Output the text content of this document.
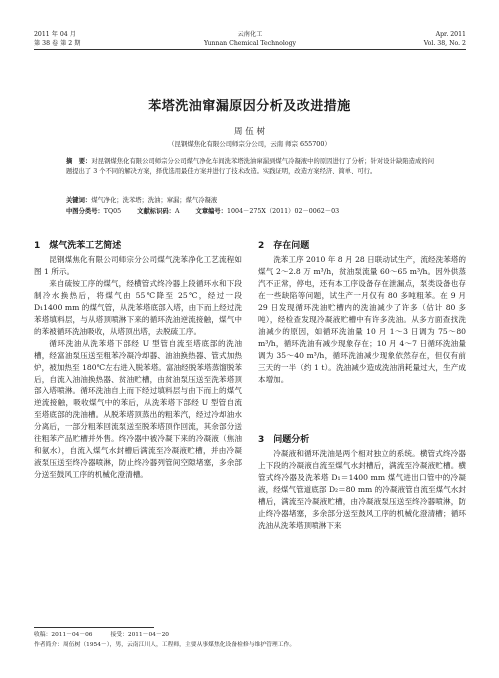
2011 年 04 月
第 38 卷 第 2 期
云南化工
Yunnan Chemical Technology
Apr. 2011
Vol. 38, No. 2
苯塔洗油窜漏原因分析及改进措施
周 伍 树
（昆钢煤焦化有限公司师宗分公司，云南 师宗 655700）
摘　要：对昆钢煤焦化有限公司师宗分公司煤气净化车间洗苯塔洗油窜漏到煤气冷凝液中的原因进行了分析；针对设计缺陷造成的问题提出了 3 个不同的解决方案，择优选用最佳方案并进行了技术改造。实践证明，改造方案经济、简单、可行。
关键词：煤气净化；洗苯塔；洗油；窜漏；煤气冷凝液
中图分类号：TQ05	文献标识码：A	文章编号：1004－275X（2011）02－0062－03
1　煤气洗苯工艺简述

昆钢煤焦化有限公司师宗分公司煤气洗苯净化工艺流程如图 1 所示。

来自硫铵工序的煤气，经横管式终冷器上段循环水和下段制冷水换热后，将煤气由 55℃降至 25℃，经过一段 D₁1400 mm 的煤气管，从洗苯塔底部入塔，由下而上经过洗苯塔填料层，与从塔顶喷淋下来的循环洗油逆流接触，煤气中的苯被循环洗油吸收，从塔顶出塔，去脱硫工序。

循环洗油从洗苯塔下部经 U 型管自流至塔底部的洗油槽，经富油泵压送至粗苯冷凝冷却器、油油换热器、管式加热炉，被加热至 180℃左右进入脱苯塔。富油经脱苯塔蒸馏脱苯后，自流入油油换热器、贫油贮槽，由贫油泵压送至洗苯塔顶部入塔喷淋。循环洗油自上而下经过填料层与由下而上的煤气逆流接触，吸收煤气中的苯后，从洗苯塔下部经 U 型管自流至塔底部的洗油槽。从脱苯塔顶蒸出的粗苯汽，经过冷却油水分离后，一部分粗苯回流泵送至脱苯塔顶作回流，其余部分送往粗苯产品贮槽并外售。终冷器中被冷凝下来的冷凝液（焦油和氨水），自流入煤气水封槽后满流至冷凝液贮槽，并由冷凝液泵压送至终冷器喷淋，防止终冷器列管间空隙堵塞，多余部分送至鼓风工序的机械化澄清槽。

2　存在问题

洗苯工序 2010 年 8 月 28 日联动试生产，流经洗苯塔的煤气 2～2.8 万 m³/h，贫油泵流量 60～65 m³/h。因外供蒸汽不正常，停电，还有本工序设备存在泄漏点，泵类设备也存在一些缺陷等问题，试生产一月仅有 80 多吨粗苯。在 9 月 29 日发现循环洗油贮槽内的洗油减少了许多（估计 80 多吨），经检查发现冷凝液贮槽中有许多洗油。从多方面查找洗油减少的原因，如循环洗油量 10 月 1～3 日调为 75～80 m³/h，循环洗油有减少现象存在；10 月 4～7 日循环洗油量调为 35～40 m³/h，循环洗油减少现象依然存在，但仅有前三天的一半（约 1 t）。洗油减少造成洗油消耗量过大，生产成本增加。

3　问题分析

冷凝液和循环洗油是两个相对独立的系统。横管式终冷器上下段的冷凝液自流至煤气水封槽后，满流至冷凝液贮槽。横管式终冷器及洗苯塔 D₁＝1400 mm 煤气进出口管中的冷凝液，经煤气管道底部 D₂＝80 mm 的冷凝液管自流至煤气水封槽后，满流至冷凝液贮槽，由冷凝液泵压送至终冷器喷淋，防止终冷器堵塞，多余部分送至鼓风工序的机械化澄清槽；循环洗油从洗苯塔顶喷淋下来

收稿：2011－04－06	接受：2011－04－20
作者简介：周伍树（1954－），男，云南江川人，工程师，主要从事煤焦化设备检修与维护管理工作。
